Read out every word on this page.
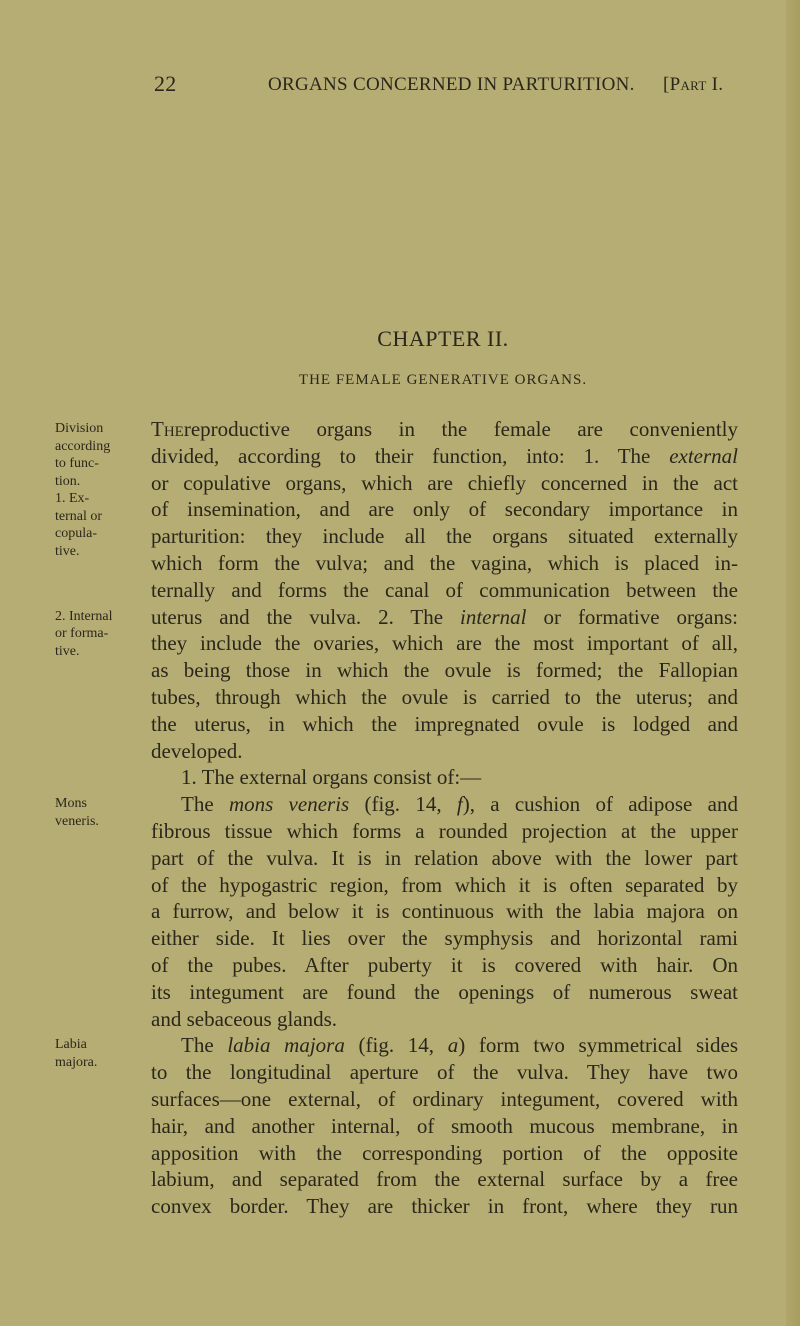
22	ORGANS CONCERNED IN PARTURITION. [Part I.
CHAPTER II.
THE FEMALE GENERATIVE ORGANS.
Thereproductive organs in the female are conveniently
divided, according to their function, into: 1. The external
or copulative organs, which are chiefly concerned in the act
of insemination, and are only of secondary importance in
parturition: they include all the organs situated externally
which form the vulva; and the vagina, which is placed in-
ternally and forms the canal of communication between the
uterus and the vulva. 2. The internal or formative organs:
they include the ovaries, which are the most important of all,
as being those in which the ovule is formed; the Fallopian
tubes, through which the ovule is carried to the uterus; and
the uterus, in which the impregnated ovule is lodged and
developed.
1. The external organs consist of:—
The mons veneris (fig. 14, f), a cushion of adipose and
fibrous tissue which forms a rounded projection at the upper
part of the vulva. It is in relation above with the lower part
of the hypogastric region, from which it is often separated by
a furrow, and below it is continuous with the labia majora on
either side. It lies over the symphysis and horizontal rami
of the pubes. After puberty it is covered with hair. On
its integument are found the openings of numerous sweat
and sebaceous glands.
The labia majora (fig. 14, a) form two symmetrical sides
to the longitudinal aperture of the vulva. They have two
surfaces—one external, of ordinary integument, covered with
hair, and another internal, of smooth mucous membrane, in
apposition with the corresponding portion of the opposite
labium, and separated from the external surface by a free
convex border. They are thicker in front, where they run
Division
according
to func-
tion.
1. Ex-
ternal or
copula-
tive.
2. Internal
or forma-
tive.
Mons
veneris.
Labia
majora.
